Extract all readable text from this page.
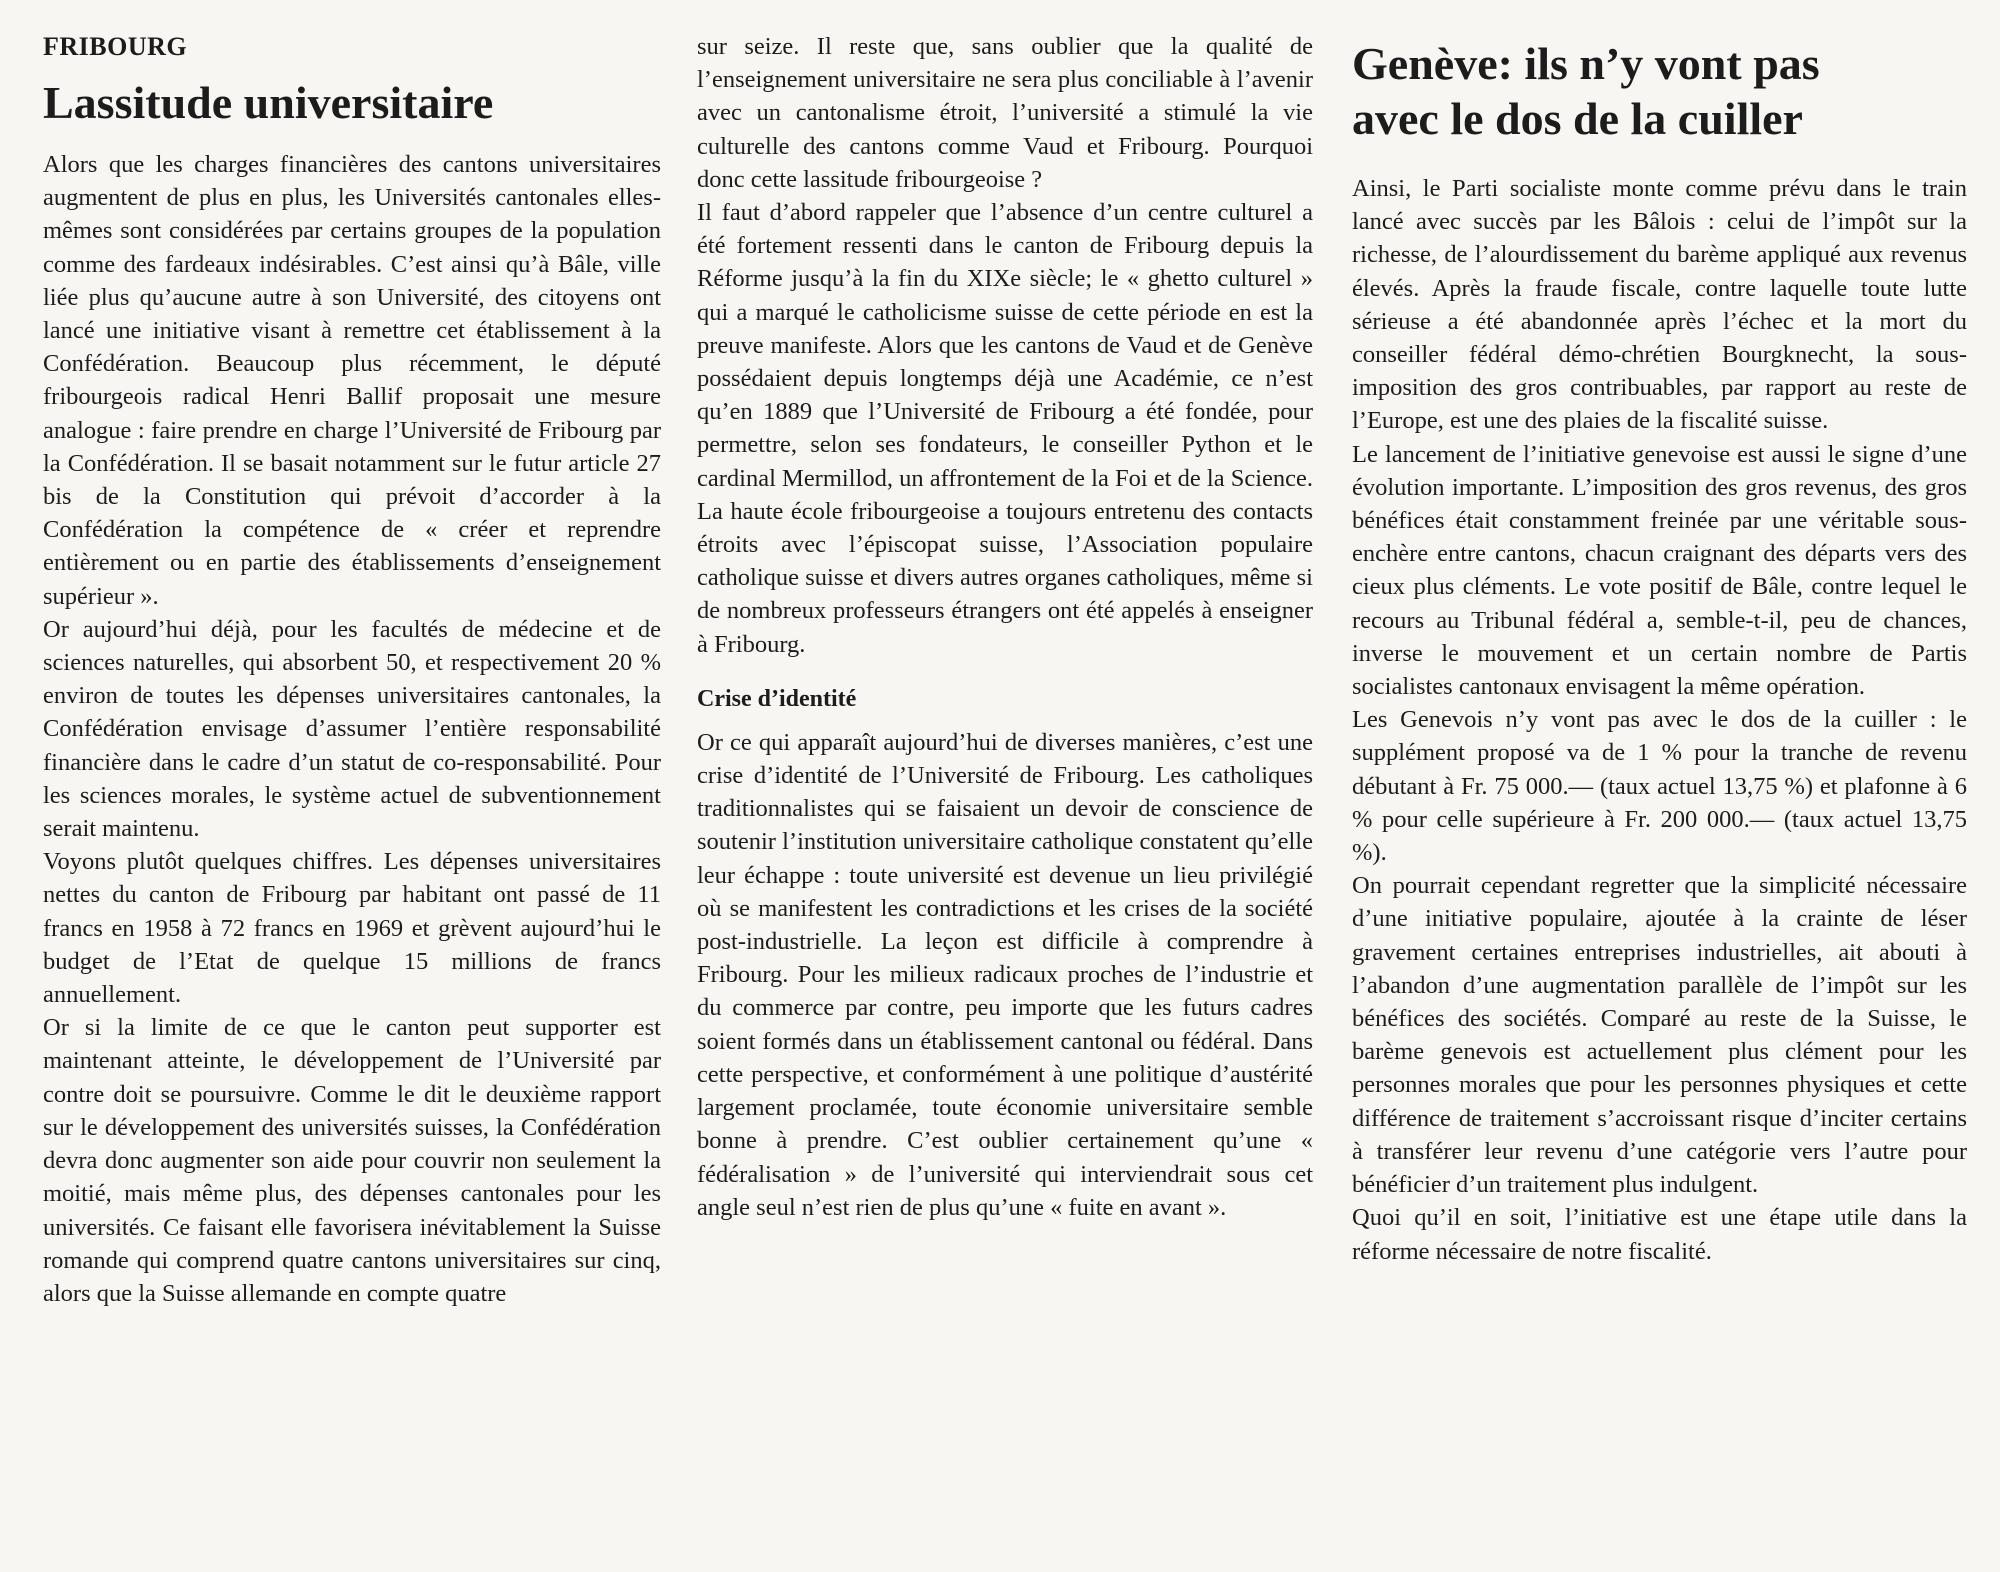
FRIBOURG
Lassitude universitaire

Alors que les charges financières des cantons universitaires augmentent de plus en plus, les Universités cantonales elles-mêmes sont considérées par certains groupes de la population comme des fardeaux indésirables. C’est ainsi qu’à Bâle, ville liée plus qu’aucune autre à son Université, des citoyens ont lancé une initiative visant à remettre cet établissement à la Confédération. Beaucoup plus récemment, le député fribourgeois radical Henri Ballif proposait une mesure analogue : faire prendre en charge l’Université de Fribourg par la Confédération. Il se basait notamment sur le futur article 27 bis de la Constitution qui prévoit d’accorder à la Confédération la compétence de « créer et reprendre entièrement ou en partie des établissements d’enseignement supérieur ».

Or aujourd’hui déjà, pour les facultés de médecine et de sciences naturelles, qui absorbent 50, et respectivement 20 % environ de toutes les dépenses universitaires cantonales, la Confédération envisage d’assumer l’entière responsabilité financière dans le cadre d’un statut de co-responsabilité. Pour les sciences morales, le système actuel de subventionnement serait maintenu.

Voyons plutôt quelques chiffres. Les dépenses universitaires nettes du canton de Fribourg par habitant ont passé de 11 francs en 1958 à 72 francs en 1969 et grèvent aujourd’hui le budget de l’Etat de quelque 15 millions de francs annuellement.

Or si la limite de ce que le canton peut supporter est maintenant atteinte, le développement de l’Université par contre doit se poursuivre. Comme le dit le deuxième rapport sur le développement des universités suisses, la Confédération devra donc augmenter son aide pour couvrir non seulement la moitié, mais même plus, des dépenses cantonales pour les universités. Ce faisant elle favorisera inévitablement la Suisse romande qui comprend quatre cantons universitaires sur cinq, alors que la Suisse allemande en compte quatre

sur seize. Il reste que, sans oublier que la qualité de l’enseignement universitaire ne sera plus conciliable à l’avenir avec un cantonalisme étroit, l’université a stimulé la vie culturelle des cantons comme Vaud et Fribourg. Pourquoi donc cette lassitude fribourgeoise ?

Il faut d’abord rappeler que l’absence d’un centre culturel a été fortement ressenti dans le canton de Fribourg depuis la Réforme jusqu’à la fin du XIXe siècle; le « ghetto culturel » qui a marqué le catholicisme suisse de cette période en est la preuve manifeste. Alors que les cantons de Vaud et de Genève possédaient depuis longtemps déjà une Académie, ce n’est qu’en 1889 que l’Université de Fribourg a été fondée, pour permettre, selon ses fondateurs, le conseiller Python et le cardinal Mermillod, un affrontement de la Foi et de la Science. La haute école fribourgeoise a toujours entretenu des contacts étroits avec l’épiscopat suisse, l’Association populaire catholique suisse et divers autres organes catholiques, même si de nombreux professeurs étrangers ont été appelés à enseigner à Fribourg.

Crise d’identité

Or ce qui apparaît aujourd’hui de diverses manières, c’est une crise d’identité de l’Université de Fribourg. Les catholiques traditionnalistes qui se faisaient un devoir de conscience de soutenir l’institution universitaire catholique constatent qu’elle leur échappe : toute université est devenue un lieu privilégié où se manifestent les contradictions et les crises de la société post-industrielle. La leçon est difficile à comprendre à Fribourg. Pour les milieux radicaux proches de l’industrie et du commerce par contre, peu importe que les futurs cadres soient formés dans un établissement cantonal ou fédéral. Dans cette perspective, et conformément à une politique d’austérité largement proclamée, toute économie universitaire semble bonne à prendre. C’est oublier certainement qu’une « fédéralisation » de l’université qui interviendrait sous cet angle seul n’est rien de plus qu’une « fuite en avant ».

Genève: ils n’y vont pas
avec le dos de la cuiller

Ainsi, le Parti socialiste monte comme prévu dans le train lancé avec succès par les Bâlois : celui de l’impôt sur la richesse, de l’alourdissement du barème appliqué aux revenus élevés. Après la fraude fiscale, contre laquelle toute lutte sérieuse a été abandonnée après l’échec et la mort du conseiller fédéral démo-chrétien Bourgknecht, la sous-imposition des gros contribuables, par rapport au reste de l’Europe, est une des plaies de la fiscalité suisse.

Le lancement de l’initiative genevoise est aussi le signe d’une évolution importante. L’imposition des gros revenus, des gros bénéfices était constamment freinée par une véritable sous-enchère entre cantons, chacun craignant des départs vers des cieux plus cléments. Le vote positif de Bâle, contre lequel le recours au Tribunal fédéral a, semble-t-il, peu de chances, inverse le mouvement et un certain nombre de Partis socialistes cantonaux envisagent la même opération.

Les Genevois n’y vont pas avec le dos de la cuiller : le supplément proposé va de 1 % pour la tranche de revenu débutant à Fr. 75 000.— (taux actuel 13,75 %) et plafonne à 6 % pour celle supérieure à Fr. 200 000.— (taux actuel 13,75 %).

On pourrait cependant regretter que la simplicité nécessaire d’une initiative populaire, ajoutée à la crainte de léser gravement certaines entreprises industrielles, ait abouti à l’abandon d’une augmentation parallèle de l’impôt sur les bénéfices des sociétés. Comparé au reste de la Suisse, le barème genevois est actuellement plus clément pour les personnes morales que pour les personnes physiques et cette différence de traitement s’accroissant risque d’inciter certains à transférer leur revenu d’une catégorie vers l’autre pour bénéficier d’un traitement plus indulgent.

Quoi qu’il en soit, l’initiative est une étape utile dans la réforme nécessaire de notre fiscalité.
